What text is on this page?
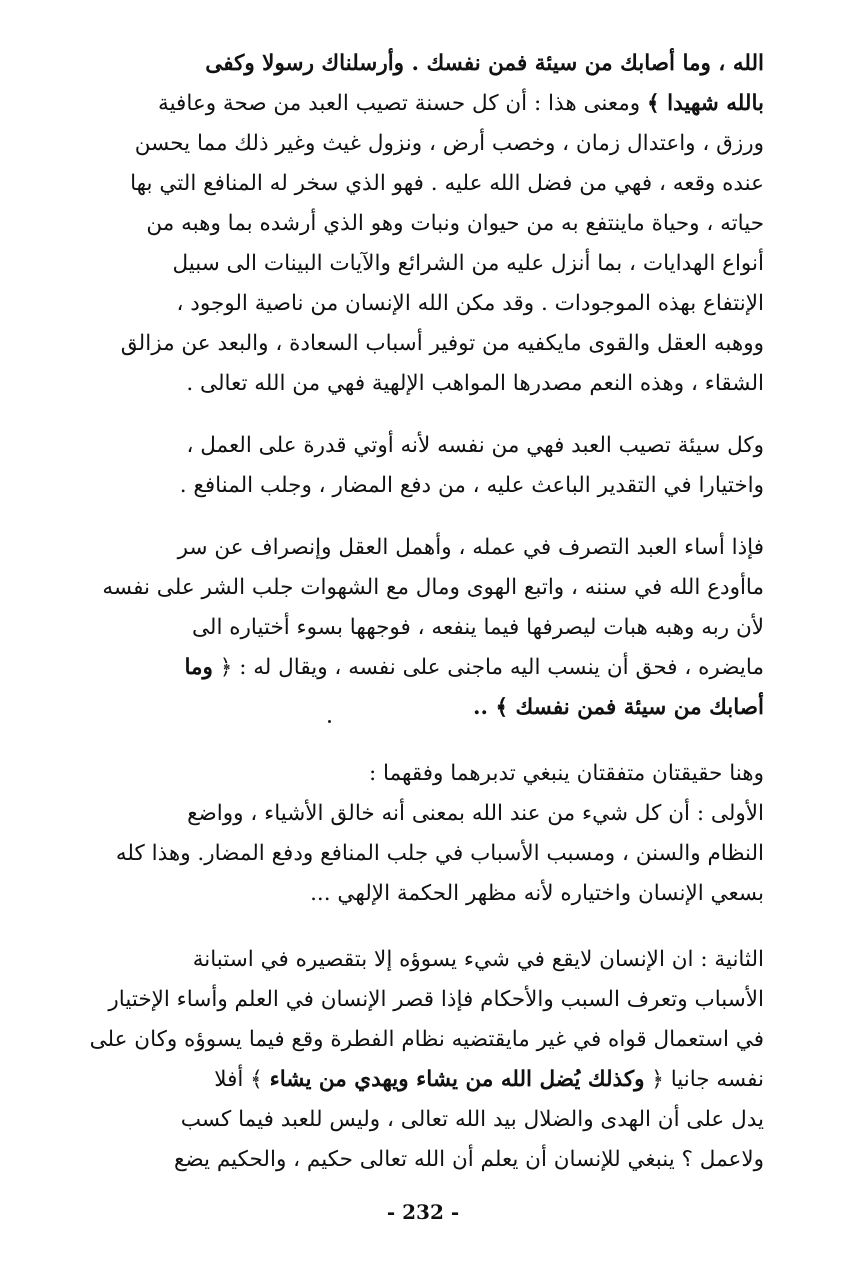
الله ، وما أصابك من سيئة فمن نفسك . وأرسلناك رسولا وكفى
بالله شهيدا ﴾ ومعنى هذا : أن كل حسنة تصيب العبد من صحة وعافية
ورزق ، واعتدال زمان ، وخصب أرض ، ونزول غيث وغير ذلك مما يحسن
عنده وقعه ، فهي من فضل الله عليه . فهو الذي سخر له المنافع التي بها
حياته ، وحياة ماينتفع به من حيوان ونبات وهو الذي أرشده بما وهبه من
أنواع الهدايات ، بما أنزل عليه من الشرائع والآيات البينات الى سبيل
الإنتفاع بهذه الموجودات . وقد مكن الله الإنسان من ناصية الوجود ،
ووهبه العقل والقوى مايكفيه من توفير أسباب السعادة ، والبعد عن مزالق
الشقاء ، وهذه النعم مصدرها المواهب الإلهية فهي من الله تعالى .
وكل سيئة تصيب العبد فهي من نفسه لأنه أوتي قدرة على العمل ،
واختيارا في التقدير الباعث عليه ، من دفع المضار ، وجلب المنافع .
فإذا أساء العبد التصرف في عمله ، وأهمل العقل وإنصراف عن سر
ماأودع الله في سننه ، واتبع الهوى ومال مع الشهوات جلب الشر على نفسه
لأن ربه وهبه هبات ليصرفها فيما ينفعه ، فوجهها بسوء أختياره الى
مايضره ، فحق أن ينسب اليه ماجنى على نفسه ، ويقال له : ﴿ وما
أصابك من سيئة فمن نفسك ﴾ ..
وهنا حقيقتان متفقتان ينبغي تدبرهما وفقهما :
الأولى : أن كل شيء من عند الله بمعنى أنه خالق الأشياء ، وواضع
النظام والسنن ، ومسبب الأسباب في جلب المنافع ودفع المضار. وهذا كله
بسعي الإنسان واختياره لأنه مظهر الحكمة الإلهي ...
الثانية : ان الإنسان لايقع في شيء يسوؤه إلا بتقصيره في استبانة
الأسباب وتعرف السبب والأحكام فإذا قصر الإنسان في العلم وأساء الإختيار
في استعمال قواه في غير مايقتضيه نظام الفطرة وقع فيما يسوؤه وكان على
نفسه جانيا ﴿ وكذلك يُضل الله من يشاء ويهدي من يشاء ﴾ أفلا
يدل على أن الهدى والضلال بيد الله تعالى ، وليس للعبد فيما كسب
ولاعمل ؟ ينبغي للإنسان أن يعلم أن الله تعالى حكيم ، والحكيم يضع
- 232 -
